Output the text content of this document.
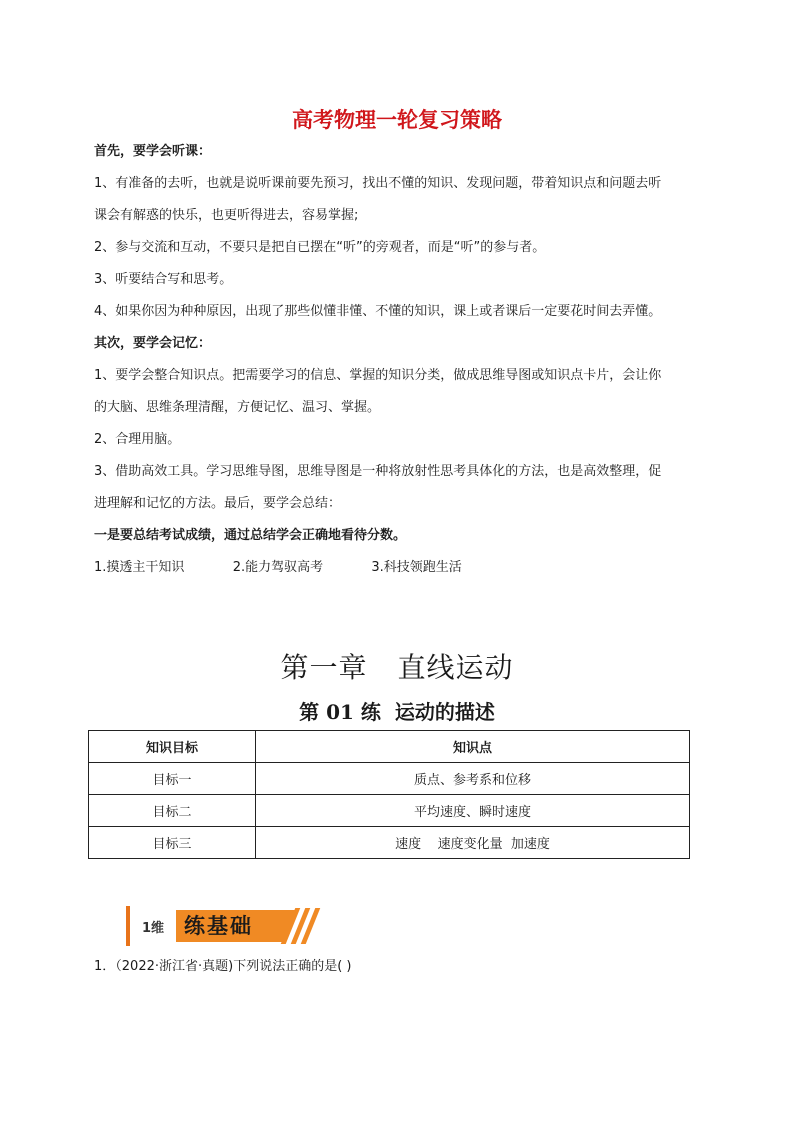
高考物理一轮复习策略
首先，要学会听课：
1、有准备的去听，也就是说听课前要先预习，找出不懂的知识、发现问题，带着知识点和问题去听
课会有解惑的快乐，也更听得进去，容易掌握;
2、参与交流和互动，不要只是把自已摆在“听”的旁观者，而是“听”的参与者。
3、听要结合写和思考。
4、如果你因为种种原因，出现了那些似懂非懂、不懂的知识，课上或者课后一定要花时间去弄懂。
其次，要学会记忆：
1、要学会整合知识点。把需要学习的信息、掌握的知识分类，做成思维导图或知识点卡片，会让你
的大脑、思维条理清醒，方便记忆、温习、掌握。
2、合理用脑。
3、借助高效工具。学习思维导图，思维导图是一种将放射性思考具体化的方法，也是高效整理，促
进理解和记忆的方法。最后，要学会总结：
一是要总结考试成绩，通过总结学会正确地看待分数。
1.摸透主干知识	2.能力驾驭高考	3.科技领跑生活
第一章 直线运动
第 01 练  运动的描述
知识目标	知识点
目标一	质点、参考系和位移
目标二	平均速度、瞬时速度
目标三	速度    速度变化量  加速度
1维 练基础
1．（2022·浙江省·真题)下列说法正确的是( )
